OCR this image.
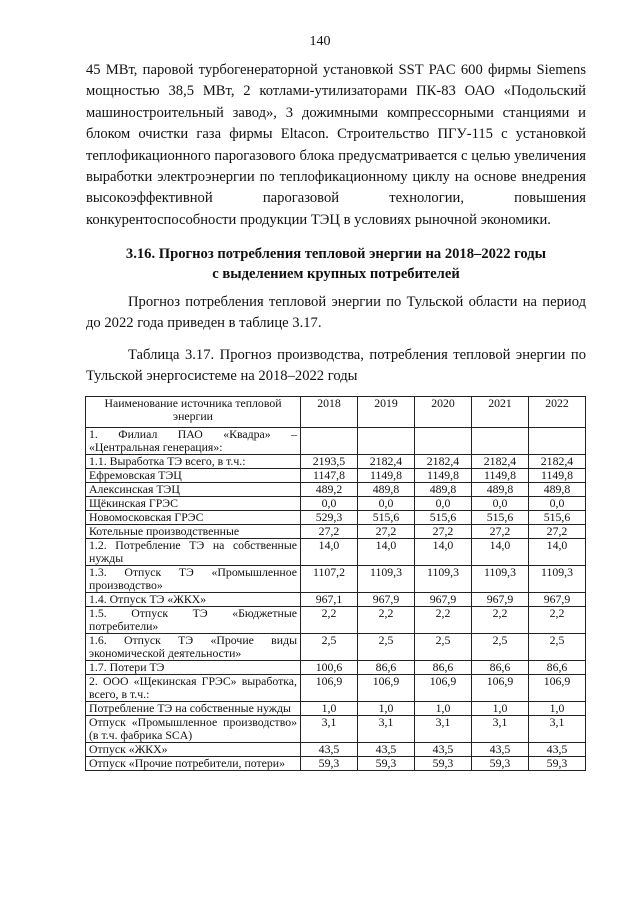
140

45 МВт, паровой турбогенераторной установкой SST PAC 600 фирмы Siemens мощностью 38,5 МВт, 2 котлами-утилизаторами ПК-83 ОАО «Подольский машиностроительный завод», 3 дожимными компрессорными станциями и блоком очистки газа фирмы Eltacon. Строительство ПГУ-115 с установкой теплофикационного парогазового блока предусматривается с целью увеличения выработки электроэнергии по теплофикационному циклу на основе внедрения высокоэффективной парогазовой технологии, повышения конкурентоспособности продукции ТЭЦ в условиях рыночной экономики.

3.16. Прогноз потребления тепловой энергии на 2018–2022 годы
с выделением крупных потребителей

Прогноз потребления тепловой энергии по Тульской области на период до 2022 года приведен в таблице 3.17.

Таблица 3.17. Прогноз производства, потребления тепловой энергии по Тульской энергосистеме на 2018–2022 годы

Наименование источника тепловой энергии	2018	2019	2020	2021	2022
1. Филиал ПАО «Квадра» – «Центральная генерация»:					
1.1. Выработка ТЭ всего, в т.ч.:	2193,5	2182,4	2182,4	2182,4	2182,4
Ефремовская ТЭЦ	1147,8	1149,8	1149,8	1149,8	1149,8
Алексинская ТЭЦ	489,2	489,8	489,8	489,8	489,8
Щёкинская ГРЭС	0,0	0,0	0,0	0,0	0,0
Новомосковская ГРЭС	529,3	515,6	515,6	515,6	515,6
Котельные производственные	27,2	27,2	27,2	27,2	27,2
1.2. Потребление ТЭ на собственные нужды	14,0	14,0	14,0	14,0	14,0
1.3. Отпуск ТЭ «Промышленное производство»	1107,2	1109,3	1109,3	1109,3	1109,3
1.4. Отпуск ТЭ «ЖКХ»	967,1	967,9	967,9	967,9	967,9
1.5. Отпуск ТЭ «Бюджетные потребители»	2,2	2,2	2,2	2,2	2,2
1.6. Отпуск ТЭ «Прочие виды экономической деятельности»	2,5	2,5	2,5	2,5	2,5
1.7. Потери ТЭ	100,6	86,6	86,6	86,6	86,6
2. ООО «Щекинская ГРЭС» выработка, всего, в т.ч.:	106,9	106,9	106,9	106,9	106,9
Потребление ТЭ на собственные нужды	1,0	1,0	1,0	1,0	1,0
Отпуск «Промышленное производство» (в т.ч. фабрика SCA)	3,1	3,1	3,1	3,1	3,1
Отпуск «ЖКХ»	43,5	43,5	43,5	43,5	43,5
Отпуск «Прочие потребители, потери»	59,3	59,3	59,3	59,3	59,3
